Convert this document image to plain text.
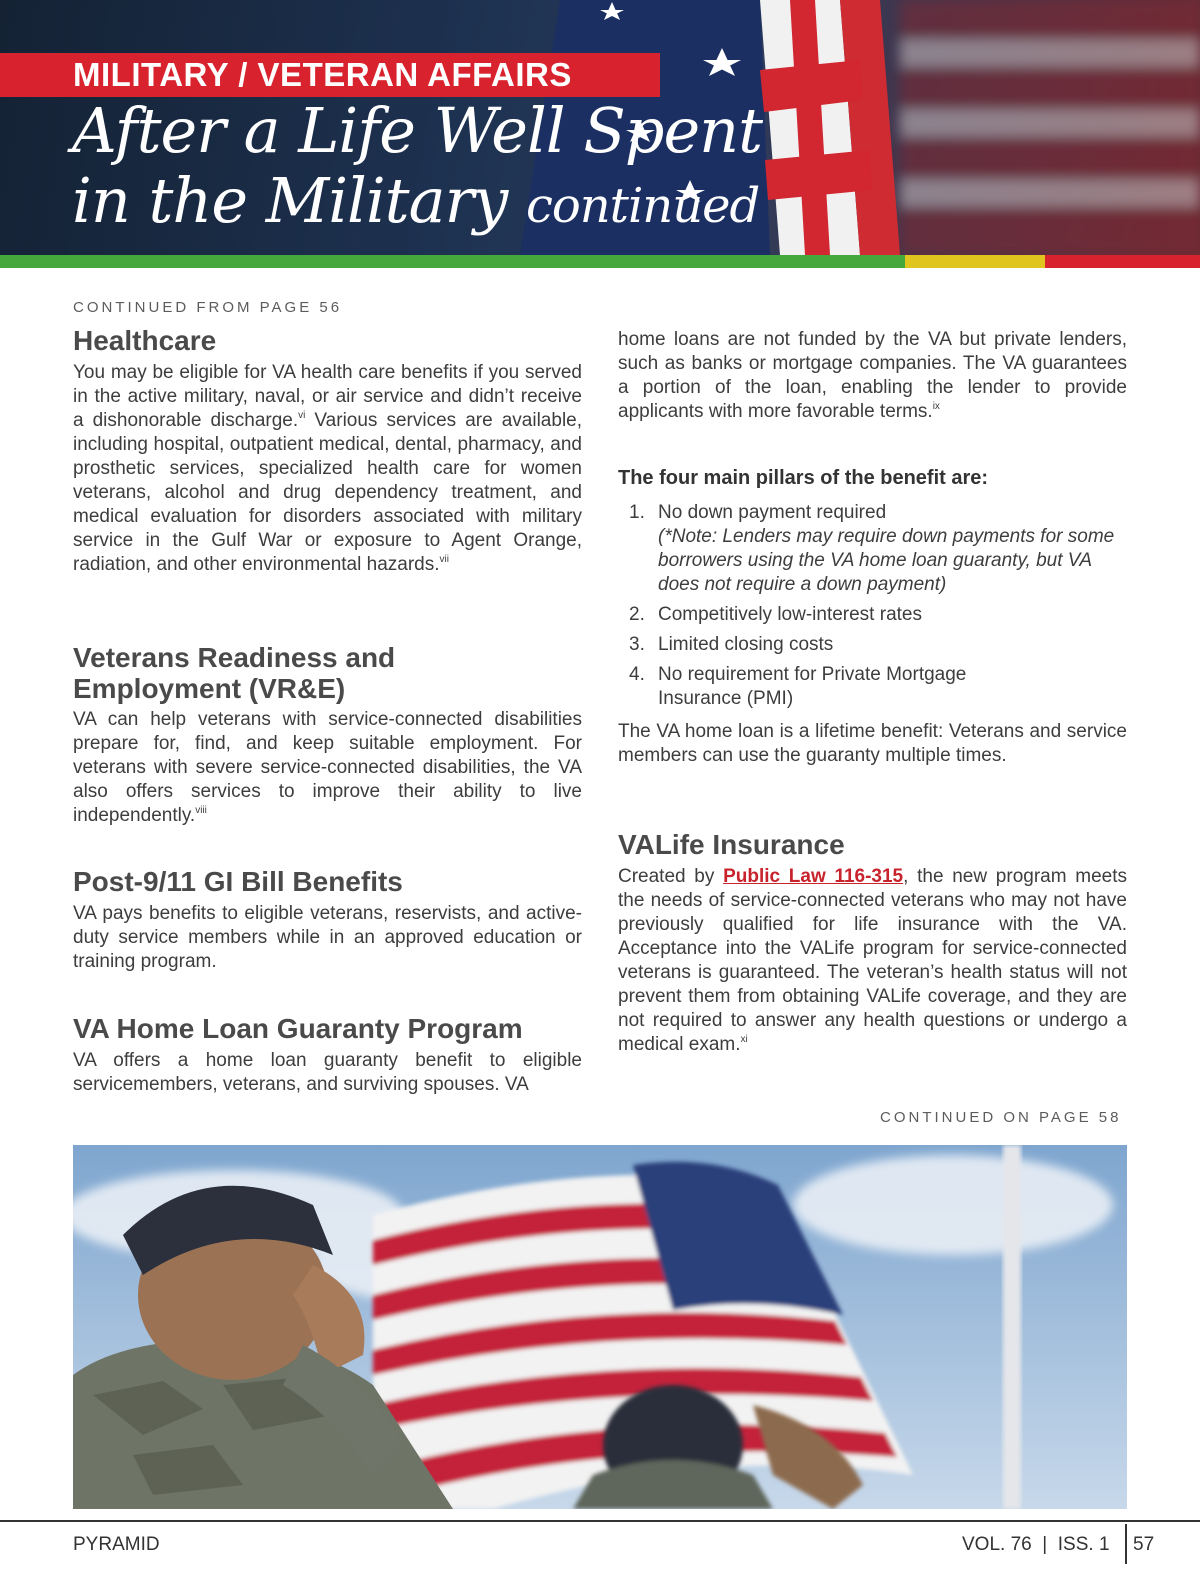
MILITARY / VETERAN AFFAIRS
After a Life Well Spent
in the Military continued
CONTINUED FROM PAGE 56
Healthcare

You may be eligible for VA health care benefits if you served in the active military, naval, or air service and didn’t receive a dishonorable discharge.$^{vi}$ Various services are available, including hospital, outpatient medical, dental, pharmacy, and prosthetic services, specialized health care for women veterans, alcohol and drug dependency treatment, and medical evaluation for disorders associated with military service in the Gulf War or exposure to Agent Orange, radiation, and other environmental hazards.$^{vii}$

Veterans Readiness and
Employment (VR&E)

VA can help veterans with service-connected disabilities prepare for, find, and keep suitable employment. For veterans with severe service-connected disabilities, the VA also offers services to improve their ability to live independently.$^{viii}$

Post-9/11 GI Bill Benefits

VA pays benefits to eligible veterans, reservists, and active-duty service members while in an approved education or training program.

VA Home Loan Guaranty Program

VA offers a home loan guaranty benefit to eligible servicemembers, veterans, and surviving spouses. VA

home loans are not funded by the VA but private lenders, such as banks or mortgage companies. The VA guarantees a portion of the loan, enabling the lender to provide applicants with more favorable terms.$^{ix}$

The four main pillars of the benefit are:
1. No down payment required
(*Note: Lenders may require down payments for some borrowers using the VA home loan guaranty, but VA does not require a down payment)
2. Competitively low-interest rates
3. Limited closing costs
4. No requirement for Private Mortgage Insurance (PMI)

The VA home loan is a lifetime benefit: Veterans and service members can use the guaranty multiple times.

VALife Insurance

Created by Public Law 116-315, the new program meets the needs of service-connected veterans who may not have previously qualified for life insurance with the VA. Acceptance into the VALife program for service-connected veterans is guaranteed. The veteran’s health status will not prevent them from obtaining VALife coverage, and they are not required to answer any health questions or undergo a medical exam.$^{xi}$

CONTINUED ON PAGE 58
PYRAMID	VOL. 76  |  ISS. 1 57
